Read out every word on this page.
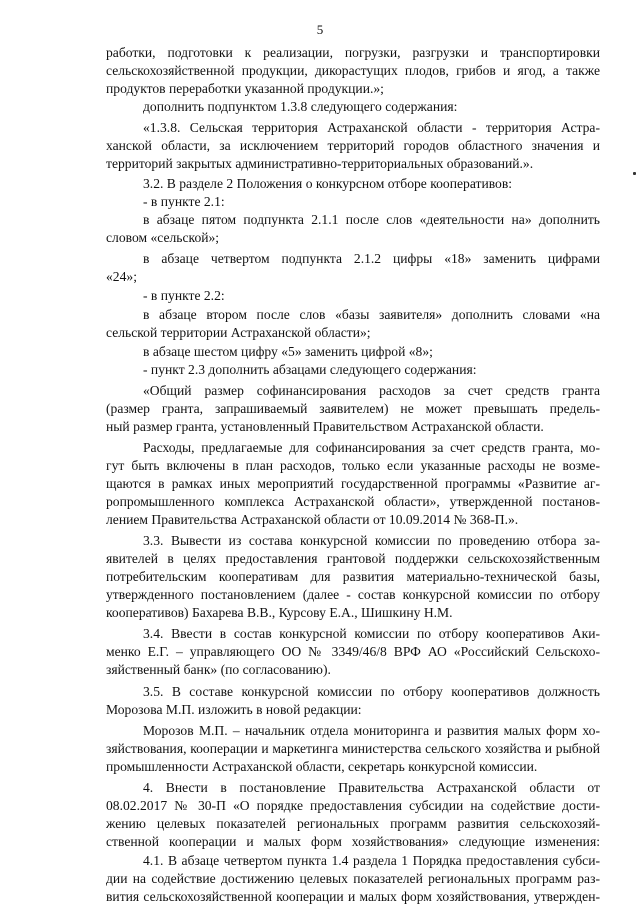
5
работки, подготовки к реализации, погрузки, разгрузки и транспортировки
сельскохозяйственной продукции, дикорастущих плодов, грибов и ягод, а также
продуктов переработки указанной продукции.»;
дополнить подпунктом 1.3.8 следующего содержания:
«1.3.8. Сельская территория Астраханской области - территория Астра-
ханской области, за исключением территорий городов областного значения и
территорий закрытых административно-территориальных образований.».
3.2. В разделе 2 Положения о конкурсном отборе кооперативов:
- в пункте 2.1:
в абзаце пятом подпункта 2.1.1 после слов «деятельности на» дополнить
словом «сельской»;
в абзаце четвертом подпункта 2.1.2 цифры «18» заменить цифрами
«24»;
- в пункте 2.2:
в абзаце втором после слов «базы заявителя» дополнить словами «на
сельской территории Астраханской области»;
в абзаце шестом цифру «5» заменить цифрой «8»;
- пункт 2.3 дополнить абзацами следующего содержания:
«Общий размер софинансирования расходов за счет средств гранта
(размер гранта, запрашиваемый заявителем) не может превышать предель-
ный размер гранта, установленный Правительством Астраханской области.
Расходы, предлагаемые для софинансирования за счет средств гранта, мо-
гут быть включены в план расходов, только если указанные расходы не возме-
щаются в рамках иных мероприятий государственной программы «Развитие аг-
ропромышленного комплекса Астраханской области», утвержденной постанов-
лением Правительства Астраханской области от 10.09.2014 № 368-П.».
3.3. Вывести из состава конкурсной комиссии по проведению отбора за-
явителей в целях предоставления грантовой поддержки сельскохозяйственным
потребительским кооперативам для развития материально-технической базы,
утвержденного постановлением (далее - состав конкурсной комиссии по отбору
кооперативов) Бахарева В.В., Курсову Е.А., Шишкину Н.М.
3.4. Ввести в состав конкурсной комиссии по отбору кооперативов Аки-
менко Е.Г. – управляющего ОО № 3349/46/8 ВРФ АО «Российский Сельскохо-
зяйственный банк» (по согласованию).
3.5. В составе конкурсной комиссии по отбору кооперативов должность
Морозова М.П. изложить в новой редакции:
Морозов М.П. – начальник отдела мониторинга и развития малых форм хо-
зяйствования, кооперации и маркетинга министерства сельского хозяйства и рыбной
промышленности Астраханской области, секретарь конкурсной комиссии.
4. Внести в постановление Правительства Астраханской области от
08.02.2017 № 30-П «О порядке предоставления субсидии на содействие дости-
жению целевых показателей региональных программ развития сельскохозяй-
ственной кооперации и малых форм хозяйствования» следующие изменения:
4.1. В абзаце четвертом пункта 1.4 раздела 1 Порядка предоставления субси-
дии на содействие достижению целевых показателей региональных программ раз-
вития сельскохозяйственной кооперации и малых форм хозяйствования, утвержден-
